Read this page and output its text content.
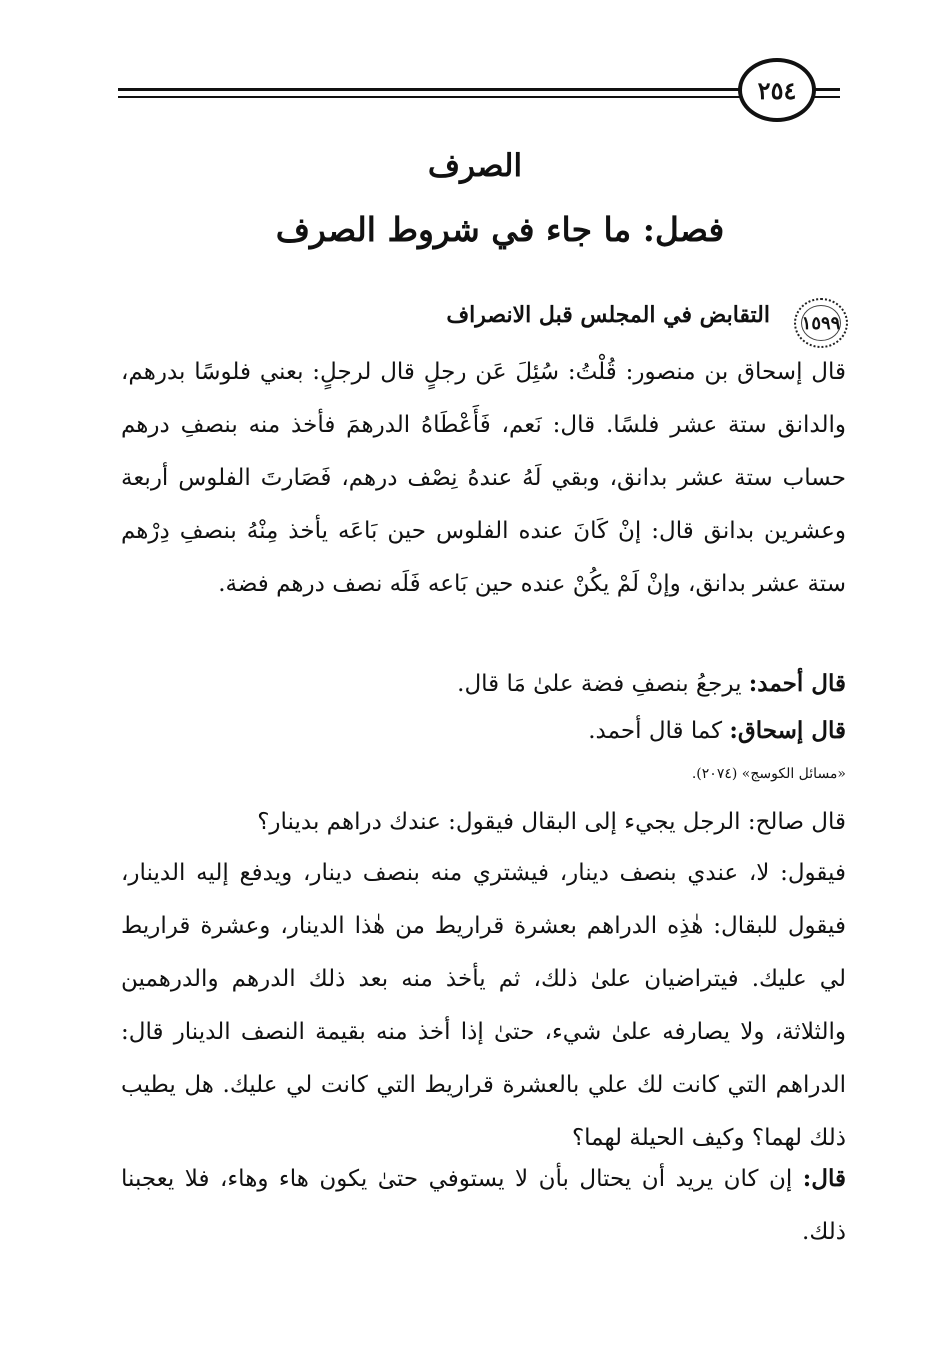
٢٥٤
الصرف
فصل: ما جاء في شروط الصرف
١٥٩٩
التقابض في المجلس قبل الانصراف

قال إسحاق بن منصور: قُلْتُ: سُئِلَ عَن رجلٍ قال لرجلٍ: بعني فلوسًا بدرهم، والدانق ستة عشر فلسًا. قال: نَعم، فَأَعْطَاهُ الدرهمَ فأخذ منه بنصفِ درهم حساب ستة عشر بدانق، وبقي لَهُ عندهُ نِصْف درهم، فَصَارتَ الفلوس أربعة وعشرين بدانق قال: إنْ كَانَ عنده الفلوس حين بَاعَه يأخذ مِنْهُ بنصفِ دِرْهم ستة عشر بدانق، وإنْ لَمْ يكُنْ عنده حين بَاعه فَلَه نصف درهم فضة.

قال أحمد: يرجعُ بنصفِ فضة علىٰ مَا قال.

قال إسحاق: كما قال أحمد.

«مسائل الكوسج» (٢٠٧٤).

قال صالح: الرجل يجيء إلى البقال فيقول: عندك دراهم بدينار؟

فيقول: لا، عندي بنصف دينار، فيشتري منه بنصف دينار، ويدفع إليه الدينار، فيقول للبقال: هٰذِه الدراهم بعشرة قراريط من هٰذا الدينار، وعشرة قراريط لي عليك. فيتراضيان علىٰ ذلك، ثم يأخذ منه بعد ذلك الدرهم والدرهمين والثلاثة، ولا يصارفه علىٰ شيء، حتىٰ إذا أخذ منه بقيمة النصف الدينار قال: الدراهم التي كانت لك علي بالعشرة قراريط التي كانت لي عليك. هل يطيب ذلك لهما؟ وكيف الحيلة لهما؟

قال: إن كان يريد أن يحتال بأن لا يستوفي حتىٰ يكون هاء وهاء، فلا يعجبنا ذلك.
